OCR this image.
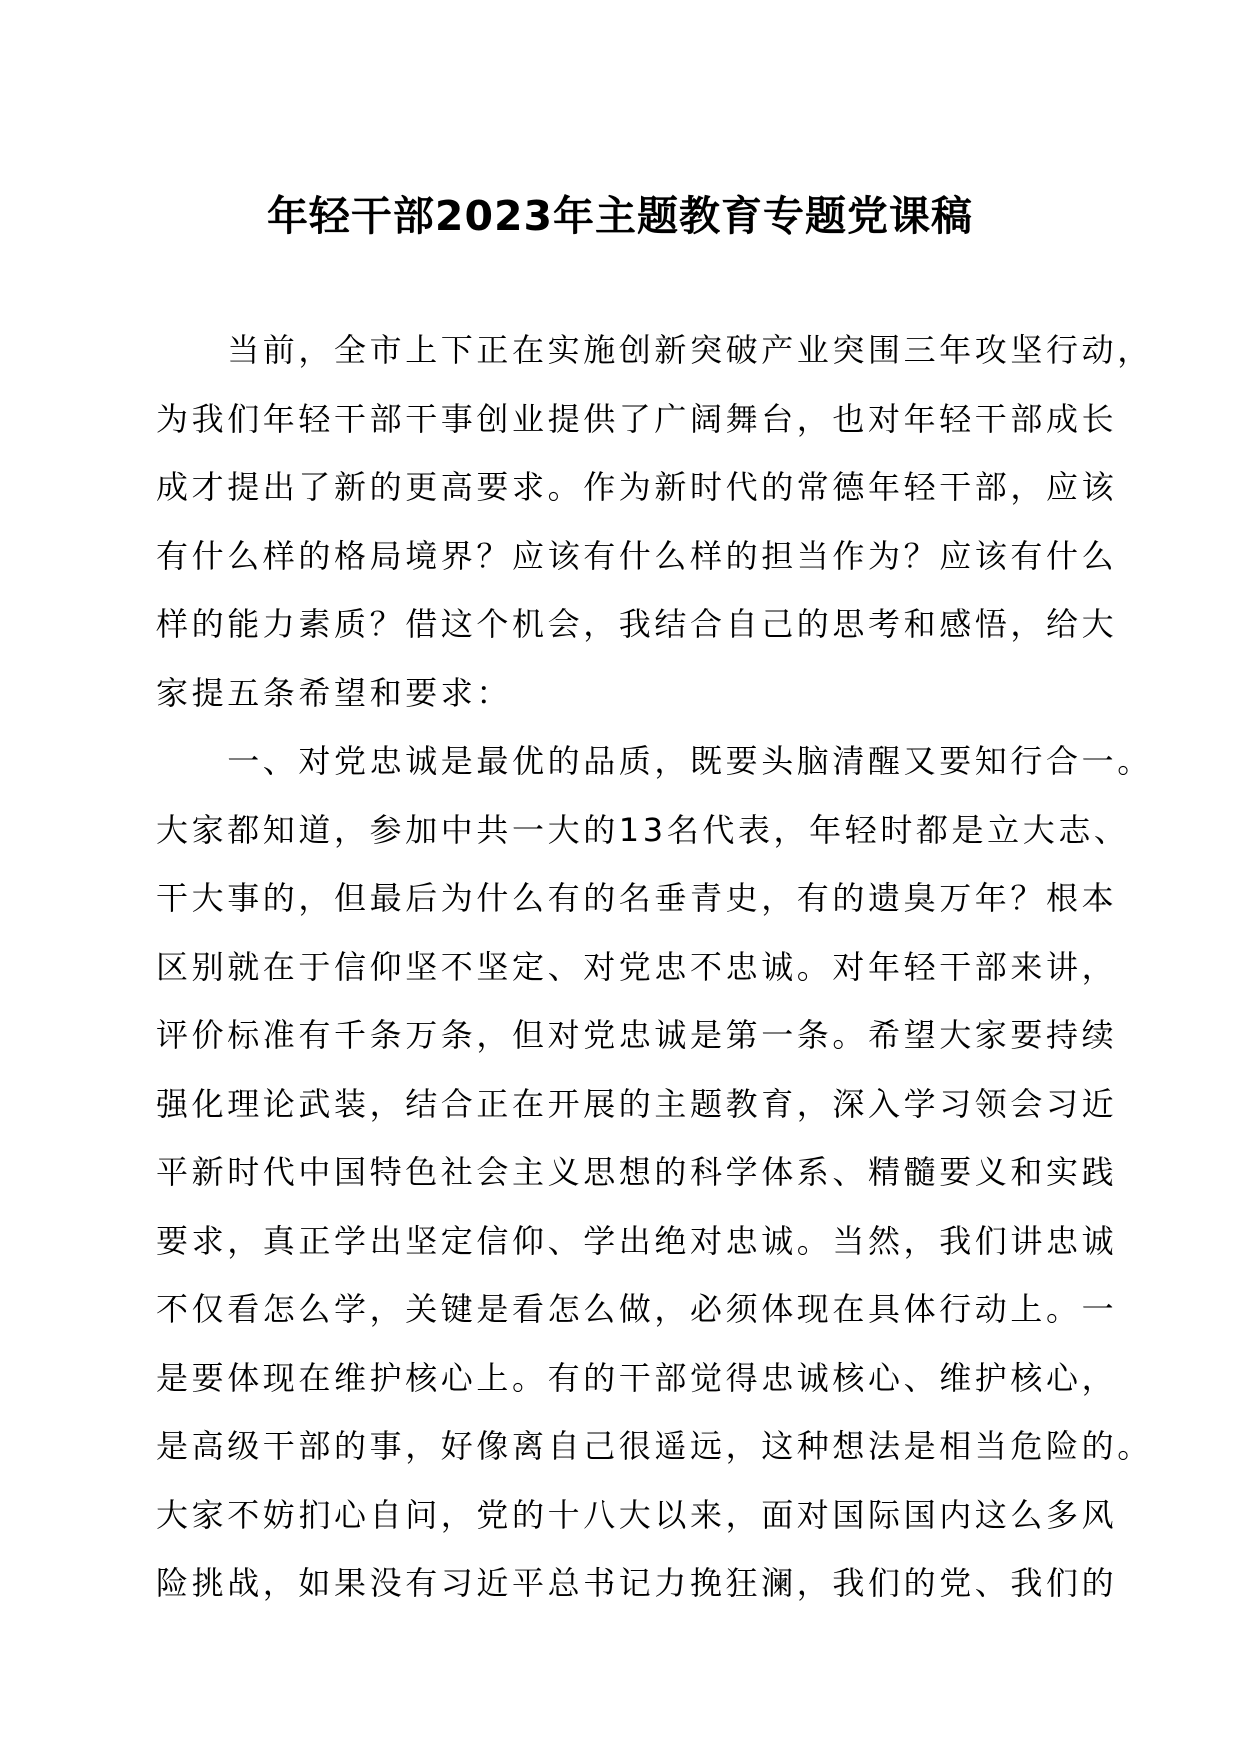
年轻干部2023年主题教育专题党课稿
　　当前，全市上下正在实施创新突破产业突围三年攻坚行动，
为我们年轻干部干事创业提供了广阔舞台，也对年轻干部成长
成才提出了新的更高要求。作为新时代的常德年轻干部，应该
有什么样的格局境界？应该有什么样的担当作为？应该有什么
样的能力素质？借这个机会，我结合自己的思考和感悟，给大
家提五条希望和要求：
　　一、对党忠诚是最优的品质，既要头脑清醒又要知行合一。
大家都知道，参加中共一大的13名代表，年轻时都是立大志、
干大事的，但最后为什么有的名垂青史，有的遗臭万年？根本
区别就在于信仰坚不坚定、对党忠不忠诚。对年轻干部来讲，
评价标准有千条万条，但对党忠诚是第一条。希望大家要持续
强化理论武装，结合正在开展的主题教育，深入学习领会习近
平新时代中国特色社会主义思想的科学体系、精髓要义和实践
要求，真正学出坚定信仰、学出绝对忠诚。当然，我们讲忠诚
不仅看怎么学，关键是看怎么做，必须体现在具体行动上。一
是要体现在维护核心上。有的干部觉得忠诚核心、维护核心，
是高级干部的事，好像离自己很遥远，这种想法是相当危险的。
大家不妨扪心自问，党的十八大以来，面对国际国内这么多风
险挑战，如果没有习近平总书记力挽狂澜，我们的党、我们的
